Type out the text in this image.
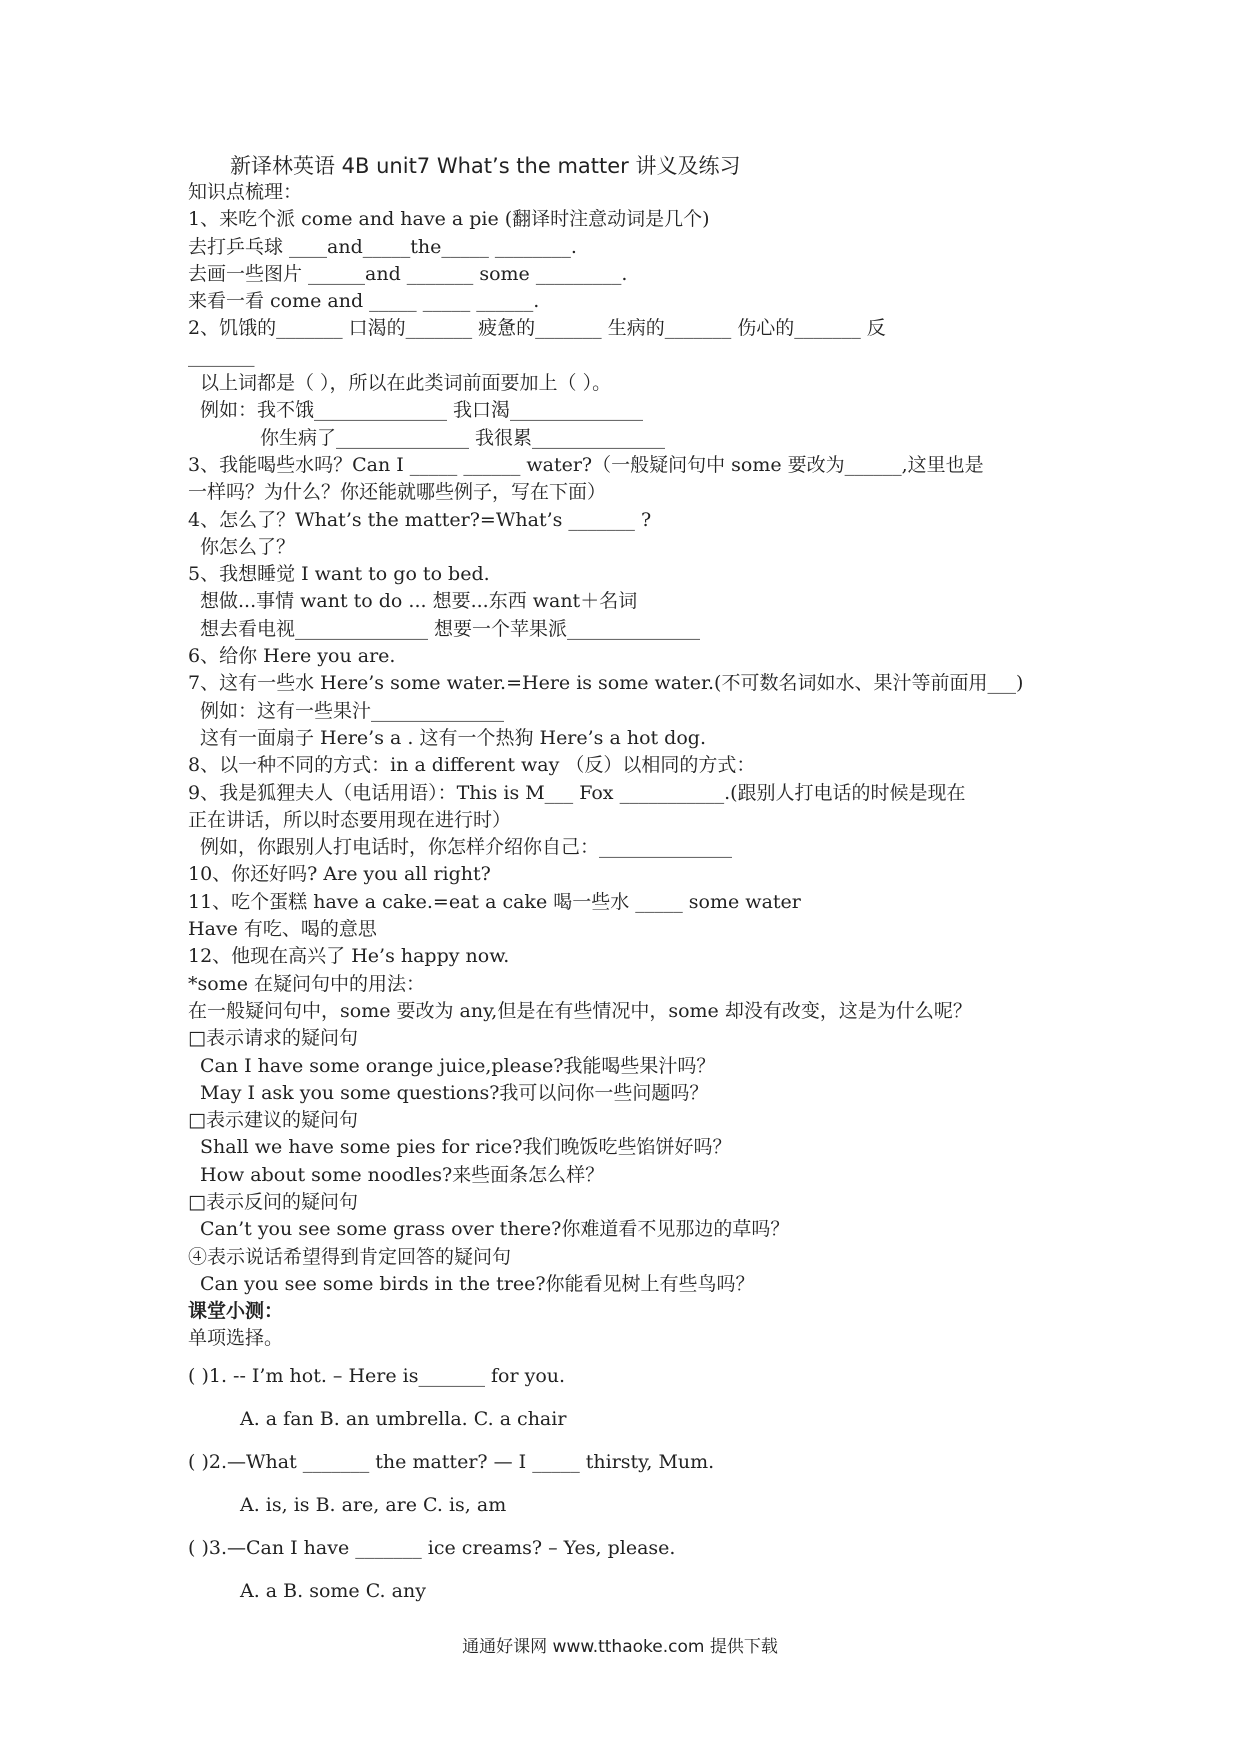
新译林英语 4B unit7 What’s the matter 讲义及练习
知识点梳理：
1、来吃个派 come and have a pie (翻译时注意动词是几个)
去打乒乓球 ____and_____the_____ ________.
去画一些图片 ______and _______ some _________.
来看一看 come and _____ _____ ______.
2、饥饿的_______ 口渴的_______ 疲惫的_______ 生病的_______ 伤心的_______ 反
_______
以上词都是（ ），所以在此类词前面要加上（ ）。
例如：我不饿______________ 我口渴______________
你生病了______________ 我很累______________
3、我能喝些水吗？Can I _____ ______ water?（一般疑问句中 some 要改为______,这里也是
一样吗？为什么？你还能就哪些例子，写在下面）
4、怎么了？What’s the matter?=What’s _______ ?
你怎么了？
5、我想睡觉 I want to go to bed.
想做...事情 want to do ... 想要...东西 want＋名词
想去看电视______________ 想要一个苹果派______________
6、给你 Here you are.
7、这有一些水 Here’s some water.=Here is some water.(不可数名词如水、果汁等前面用___)
例如：这有一些果汁______________
这有一面扇子 Here’s a . 这有一个热狗 Here’s a hot dog.
8、以一种不同的方式：in a different way （反）以相同的方式：
9、我是狐狸夫人（电话用语）：This is M___ Fox ___________.(跟别人打电话的时候是现在
正在讲话，所以时态要用现在进行时）
例如，你跟别人打电话时，你怎样介绍你自己：______________
10、你还好吗? Are you all right?
11、吃个蛋糕 have a cake.=eat a cake 喝一些水 _____ some water
Have 有吃、喝的意思
12、他现在高兴了 He’s happy now.
*some 在疑问句中的用法：
在一般疑问句中，some 要改为 any,但是在有些情况中，some 却没有改变，这是为什么呢？
□表示请求的疑问句
Can I have some orange juice,please?我能喝些果汁吗？
May I ask you some questions?我可以问你一些问题吗？
□表示建议的疑问句
Shall we have some pies for rice?我们晚饭吃些馅饼好吗？
How about some noodles?来些面条怎么样？
□表示反问的疑问句
Can’t you see some grass over there?你难道看不见那边的草吗？
④表示说话希望得到肯定回答的疑问句
Can you see some birds in the tree?你能看见树上有些鸟吗？
课堂小测：
单项选择。
( )1. -- I’m hot. – Here is_______ for you.
A. a fan B. an umbrella. C. a chair
( )2.—What _______ the matter? — I _____ thirsty, Mum.
A. is, is B. are, are C. is, am
( )3.—Can I have _______ ice creams? – Yes, please.
A. a B. some C. any
通通好课网 www.tthaoke.com 提供下载
